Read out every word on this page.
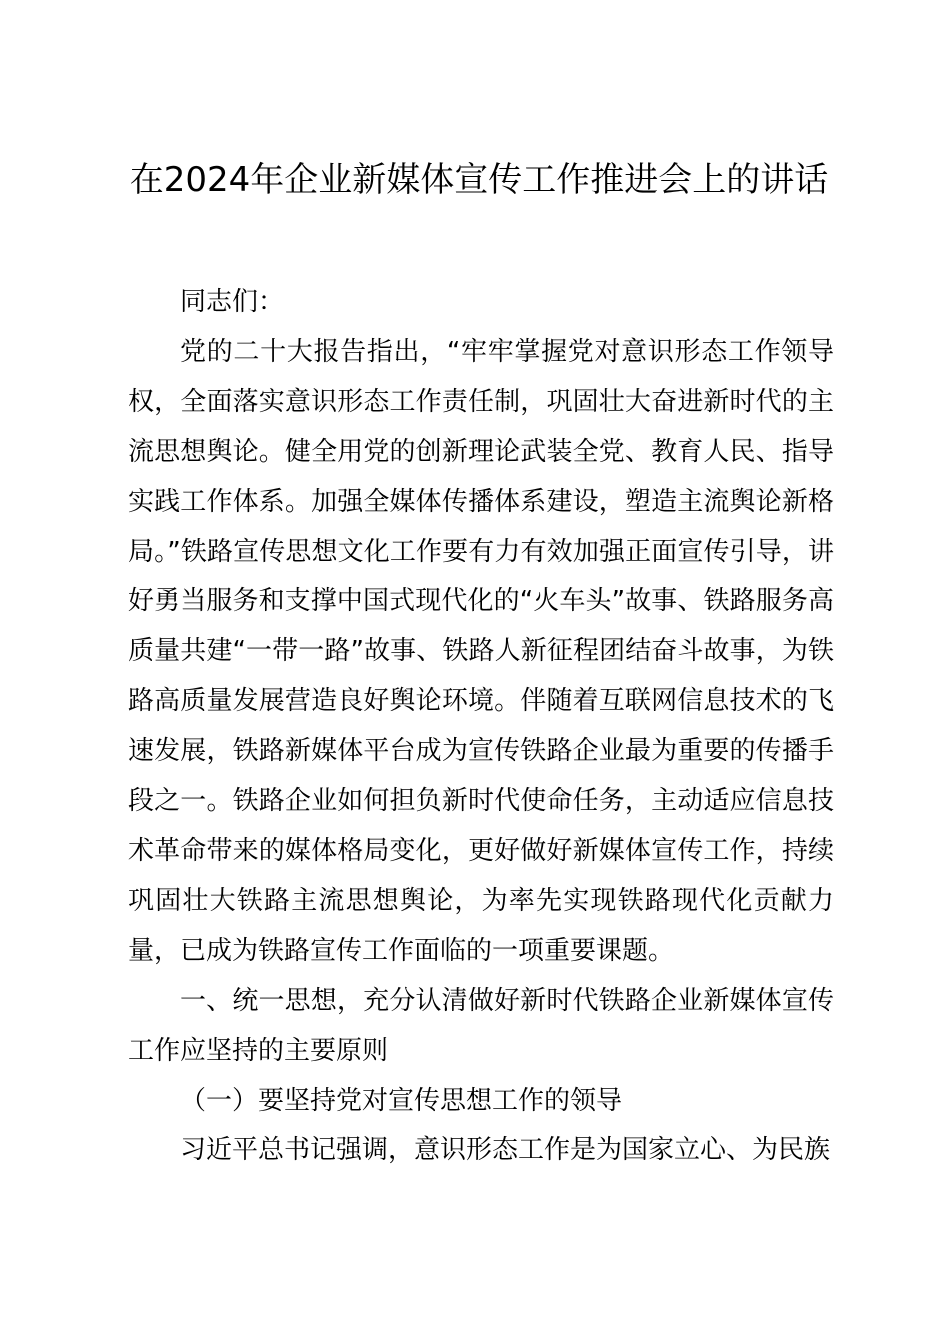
在2024年企业新媒体宣传工作推进会上的讲话

同志们：

党的二十大报告指出，“牢牢掌握党对意识形态工作领导权，全面落实意识形态工作责任制，巩固壮大奋进新时代的主流思想舆论。健全用党的创新理论武装全党、教育人民、指导实践工作体系。加强全媒体传播体系建设，塑造主流舆论新格局。”铁路宣传思想文化工作要有力有效加强正面宣传引导，讲好勇当服务和支撑中国式现代化的“火车头”故事、铁路服务高质量共建“一带一路”故事、铁路人新征程团结奋斗故事，为铁路高质量发展营造良好舆论环境。伴随着互联网信息技术的飞速发展，铁路新媒体平台成为宣传铁路企业最为重要的传播手段之一。铁路企业如何担负新时代使命任务，主动适应信息技术革命带来的媒体格局变化，更好做好新媒体宣传工作，持续巩固壮大铁路主流思想舆论，为率先实现铁路现代化贡献力量，已成为铁路宣传工作面临的一项重要课题。

一、统一思想，充分认清做好新时代铁路企业新媒体宣传工作应坚持的主要原则

（一）要坚持党对宣传思想工作的领导

习近平总书记强调，意识形态工作是为国家立心、为民族
